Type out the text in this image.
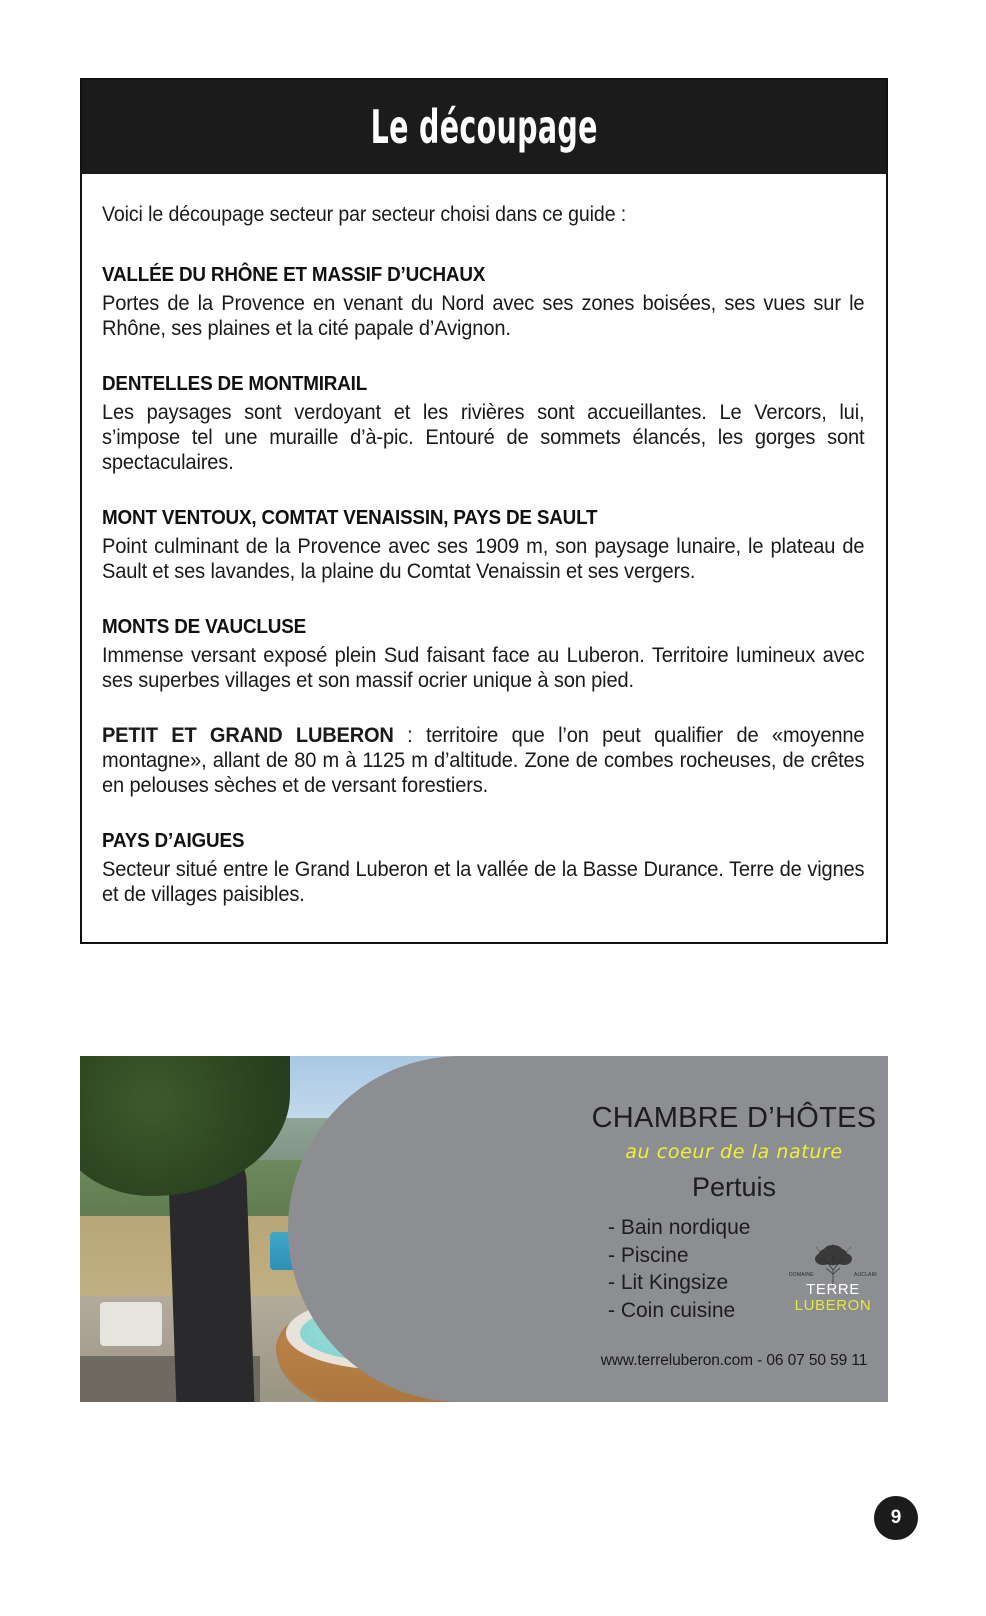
Le découpage

Voici le découpage secteur par secteur choisi dans ce guide :

VALLÉE DU RHÔNE ET MASSIF D’UCHAUX

Portes de la Provence en venant du Nord avec ses zones boisées, ses vues sur le Rhône, ses plaines et la cité papale d’Avignon.

DENTELLES DE MONTMIRAIL

Les paysages sont verdoyant et les rivières sont accueillantes. Le Vercors, lui, s’impose tel une muraille d’à-pic. Entouré de sommets élancés, les gorges sont spectaculaires.

MONT VENTOUX, COMTAT VENAISSIN, PAYS DE SAULT

Point culminant de la Provence avec ses 1909 m, son paysage lunaire, le plateau de Sault et ses lavandes, la plaine du Comtat Venaissin et ses vergers.

MONTS DE VAUCLUSE

Immense versant exposé plein Sud faisant face au Luberon. Territoire lumineux avec ses superbes villages et son massif ocrier unique à son pied.

PETIT ET GRAND LUBERON : territoire que l’on peut qualifier de «moyenne montagne», allant de 80 m à 1125 m d’altitude. Zone de combes rocheuses, de crêtes en pelouses sèches et de versant forestiers.

PAYS D’AIGUES

Secteur situé entre le Grand Luberon et la vallée de la Basse Durance. Terre de vignes et de villages paisibles.

CHAMBRE D’HÔTES
au coeur de la nature
Pertuis
- Bain nordique
- Piscine
- Lit Kingsize
- Coin cuisine
DOMAINE	AUCLAIR
TERRE
LUBERON
www.terreluberon.com - 06 07 50 59 11
9
